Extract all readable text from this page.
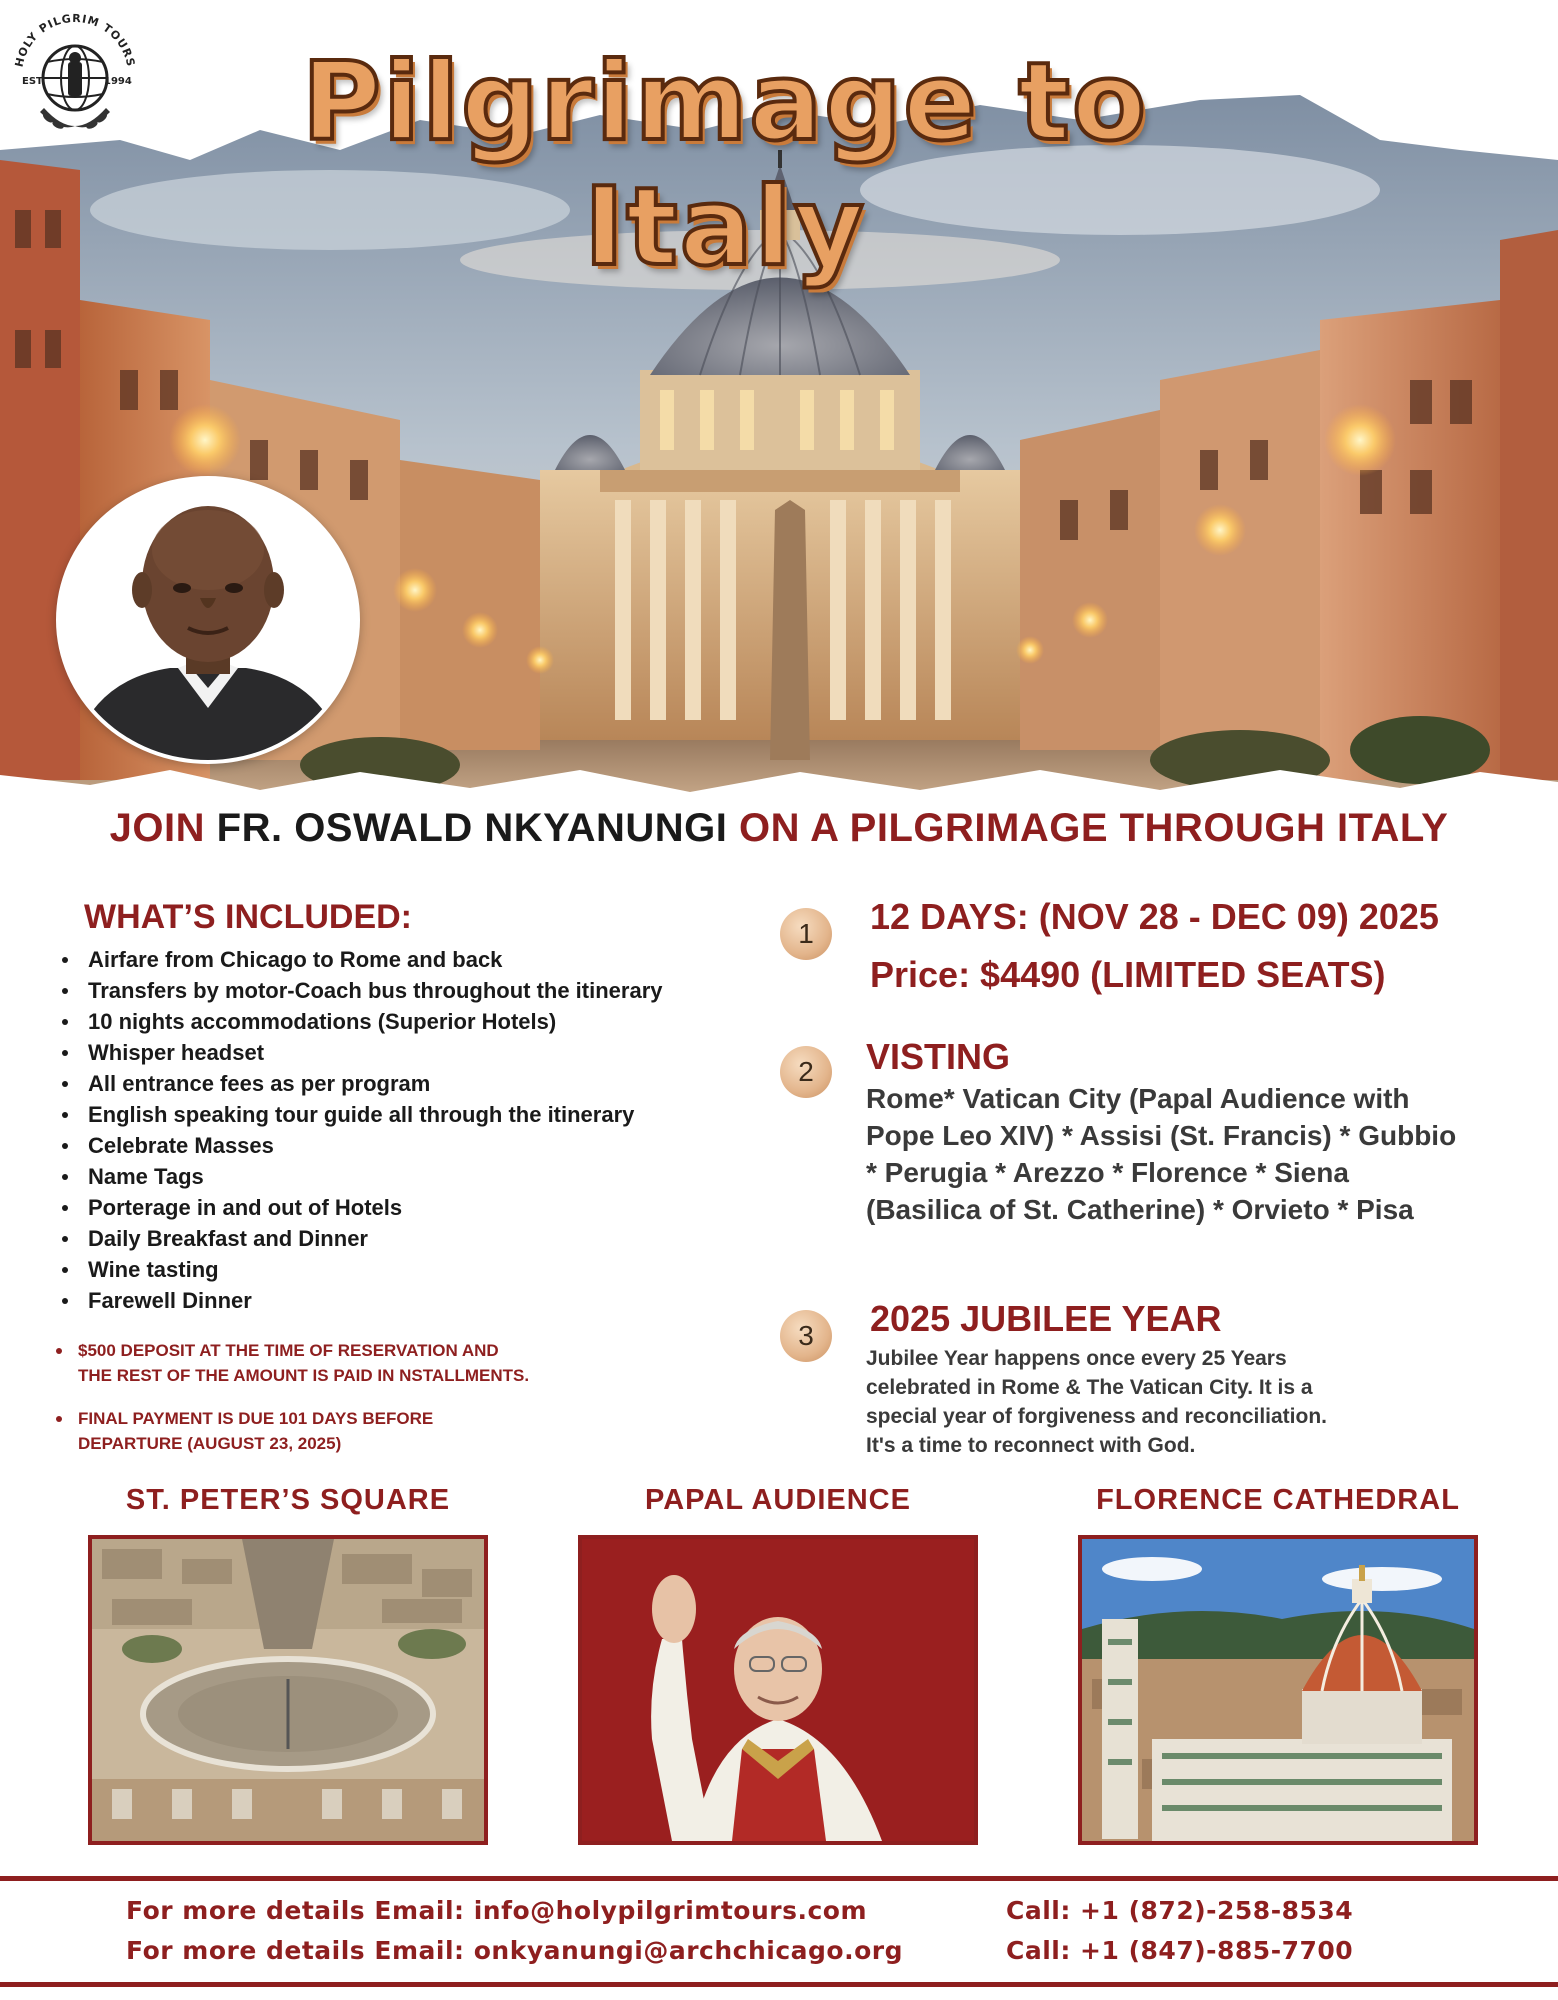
Pilgrimage to Italy
HOLY PILGRIM TOURS
EST.	1994
JOIN FR. OSWALD NKYANUNGI ON A PILGRIMAGE THROUGH ITALY
WHAT’S INCLUDED:
Airfare from Chicago to Rome and back
Transfers by motor-Coach bus throughout the itinerary
10 nights accommodations (Superior Hotels)
Whisper headset
All entrance fees as per program
English speaking tour guide all through the itinerary
Celebrate Masses
Name Tags
Porterage in and out of Hotels
Daily Breakfast and Dinner
Wine tasting
Farewell Dinner
$500 DEPOSIT AT THE TIME OF RESERVATION AND
THE REST OF THE AMOUNT IS PAID IN NSTALLMENTS.
FINAL PAYMENT IS DUE 101 DAYS BEFORE
DEPARTURE (AUGUST 23, 2025)
1	12 DAYS: (NOV 28 - DEC 09) 2025
Price: $4490 (LIMITED SEATS)
2	VISTING
Rome* Vatican City (Papal Audience with
Pope Leo XIV) * Assisi (St. Francis) * Gubbio
* Perugia * Arezzo * Florence * Siena
(Basilica of St. Catherine) * Orvieto * Pisa
3	2025 JUBILEE YEAR
Jubilee Year happens once every 25 Years
celebrated in Rome & The Vatican City. It is a
special year of forgiveness and reconciliation.
It's a time to reconnect with God.
ST. PETER’S SQUARE	PAPAL AUDIENCE	FLORENCE CATHEDRAL
For more details Email: info@holypilgrimtours.com
For more details Email: onkyanungi@archchicago.org
Call: +1 (872)-258-8534
Call: +1 (847)-885-7700
